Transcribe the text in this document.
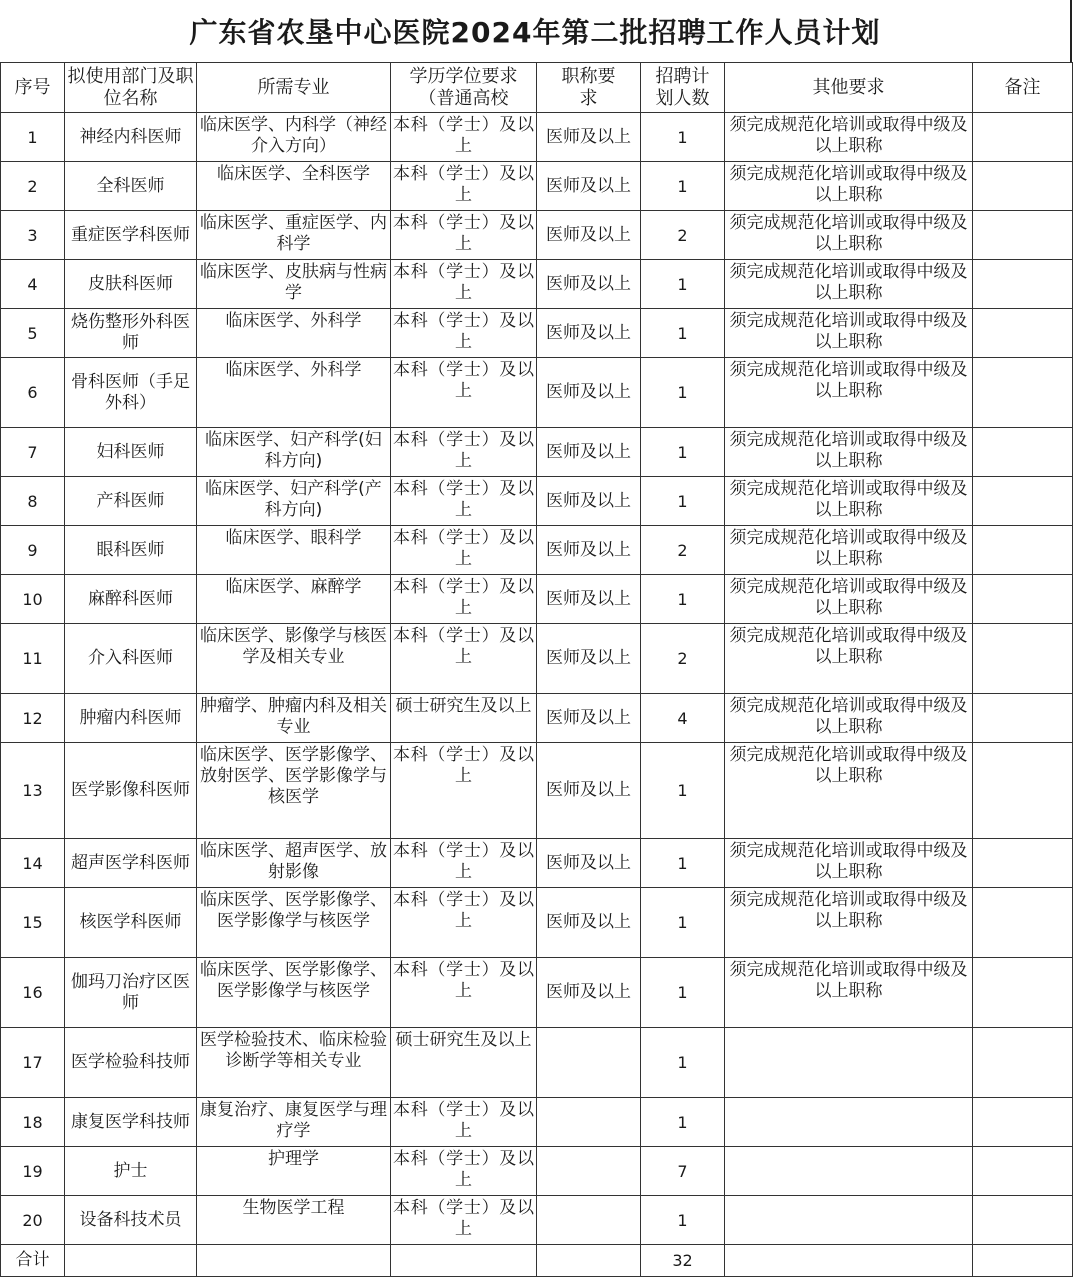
广东省农垦中心医院2024年第二批招聘工作人员计划
序号	拟使用部门及职位名称	所需专业	学历学位要求（普通高校	职称要求	招聘计划人数	其他要求	备注
1	神经内科医师	临床医学、内科学（神经介入方向）	本科（学士）及以上	医师及以上	1	须完成规范化培训或取得中级及以上职称	
2	全科医师	临床医学、全科医学	本科（学士）及以上	医师及以上	1	须完成规范化培训或取得中级及以上职称	
3	重症医学科医师	临床医学、重症医学、内科学	本科（学士）及以上	医师及以上	2	须完成规范化培训或取得中级及以上职称	
4	皮肤科医师	临床医学、皮肤病与性病学	本科（学士）及以上	医师及以上	1	须完成规范化培训或取得中级及以上职称	
5	烧伤整形外科医师	临床医学、外科学	本科（学士）及以上	医师及以上	1	须完成规范化培训或取得中级及以上职称	
6	骨科医师（手足外科）	临床医学、外科学	本科（学士）及以上	医师及以上	1	须完成规范化培训或取得中级及以上职称	
7	妇科医师	临床医学、妇产科学(妇科方向)	本科（学士）及以上	医师及以上	1	须完成规范化培训或取得中级及以上职称	
8	产科医师	临床医学、妇产科学(产科方向)	本科（学士）及以上	医师及以上	1	须完成规范化培训或取得中级及以上职称	
9	眼科医师	临床医学、眼科学	本科（学士）及以上	医师及以上	2	须完成规范化培训或取得中级及以上职称	
10	麻醉科医师	临床医学、麻醉学	本科（学士）及以上	医师及以上	1	须完成规范化培训或取得中级及以上职称	
11	介入科医师	临床医学、影像学与核医学及相关专业	本科（学士）及以上	医师及以上	2	须完成规范化培训或取得中级及以上职称	
12	肿瘤内科医师	肿瘤学、肿瘤内科及相关专业	硕士研究生及以上	医师及以上	4	须完成规范化培训或取得中级及以上职称	
13	医学影像科医师	临床医学、医学影像学、放射医学、医学影像学与核医学	本科（学士）及以上	医师及以上	1	须完成规范化培训或取得中级及以上职称	
14	超声医学科医师	临床医学、超声医学、放射影像	本科（学士）及以上	医师及以上	1	须完成规范化培训或取得中级及以上职称	
15	核医学科医师	临床医学、医学影像学、医学影像学与核医学	本科（学士）及以上	医师及以上	1	须完成规范化培训或取得中级及以上职称	
16	伽玛刀治疗区医师	临床医学、医学影像学、医学影像学与核医学	本科（学士）及以上	医师及以上	1	须完成规范化培训或取得中级及以上职称	
17	医学检验科技师	医学检验技术、临床检验诊断学等相关专业	硕士研究生及以上		1		
18	康复医学科技师	康复治疗、康复医学与理疗学	本科（学士）及以上		1		
19	护士	护理学	本科（学士）及以上		7		
20	设备科技术员	生物医学工程	本科（学士）及以上		1		
合计					32		
